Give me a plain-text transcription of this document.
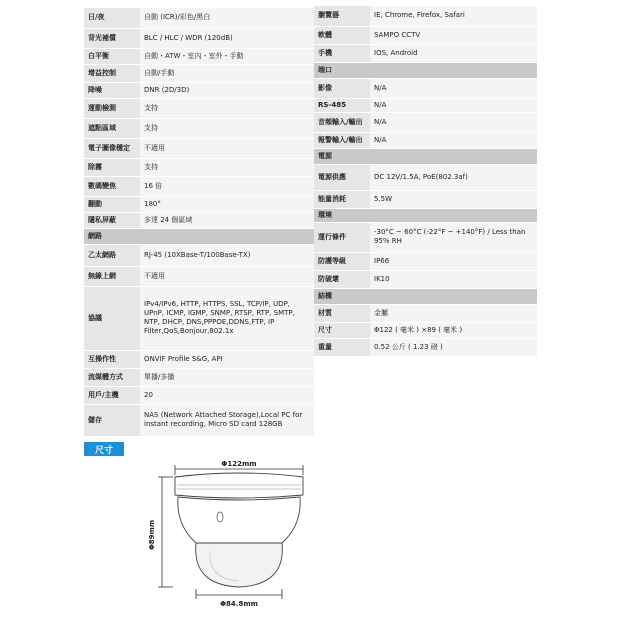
日/夜	自動 (ICR)/彩色/黑白
背光補償	BLC / HLC / WDR (120dB)
白平衡	自動・ATW・室內・室外・手動
增益控制	自動/手動
降噪	DNR (2D/3D)
運動檢測	支持
遮點區域	支持
電子圖像穩定	不適用
除霧	支持
數碼變焦	16 倍
翻動	180°
隱私屏蔽	多達 24 個區域
網路	
乙太網路	RJ-45 (10XBase-T/100Base-TX)
無線上網	不適用
協議	IPv4/IPv6, HTTP, HTTPS, SSL, TCP/IP, UDP, UPnP, ICMP, IGMP, SNMP, RTSP, RTP, SMTP, NTP, DHCP, DNS,PPPOE,DDNS,FTP, IP Filter,QoS,Bonjour,802.1x
互操作性	ONVIF Profile S&G, API
流媒體方式	單播/多播
用戶/主機	20
儲存	NAS (Network Attached Storage),Local PC for instant recording, Micro SD card 128GB
瀏覽器	IE, Chrome, Firefox, Safari
軟體	SAMPO CCTV
手機	IOS, Android
端口	
影像	N/A
RS-485	N/A
音頻輸入/輸出	N/A
報警輸入/輸出	N/A
電源	
電源供應	DC 12V/1.5A, PoE(802.3af)
能量消耗	5.5W
環境	
運行條件	-30°C ~ 60°C (-22°F ~ +140°F) / Less than 95% RH
防護等級	IP66
防破壞	IK10
結構	
材質	金屬
尺寸	Φ122 ( 毫米 ) ×89 ( 毫米 )
重量	0.52 公斤 ( 1.23 磅 )
尺寸
Φ122mm
Φ89mm
Φ84.8mm
